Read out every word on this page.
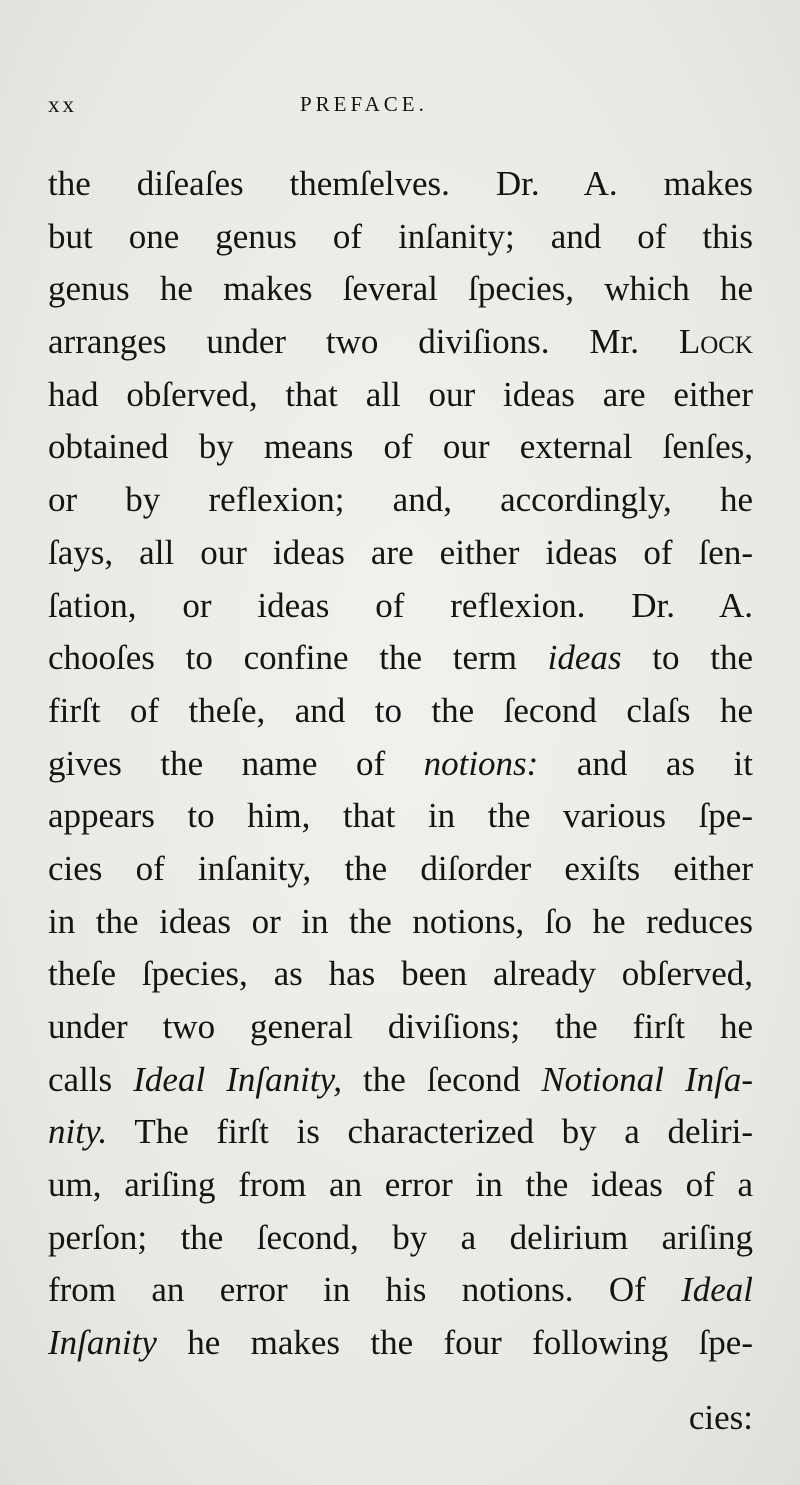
xx	PREFACE.
the diſeaſes themſelves. Dr. A. makes
but one genus of inſanity; and of this
genus he makes ſeveral ſpecies, which he
arranges under two diviſions. Mr. Lock
had obſerved, that all our ideas are either
obtained by means of our external ſenſes,
or by reflexion; and, accordingly, he
ſays, all our ideas are either ideas of ſen-
ſation, or ideas of reflexion. Dr. A.
chooſes to confine the term ideas to the
firſt of theſe, and to the ſecond claſs he
gives the name of notions: and as it
appears to him, that in the various ſpe-
cies of inſanity, the diſorder exiſts either
in the ideas or in the notions, ſo he reduces
theſe ſpecies, as has been already obſerved,
under two general diviſions; the firſt he
calls Ideal Inſanity, the ſecond Notional Inſa-
nity. The firſt is characterized by a deliri-
um, ariſing from an error in the ideas of a
perſon; the ſecond, by a delirium ariſing
from an error in his notions. Of Ideal
Inſanity he makes the four following ſpe-
cies:
